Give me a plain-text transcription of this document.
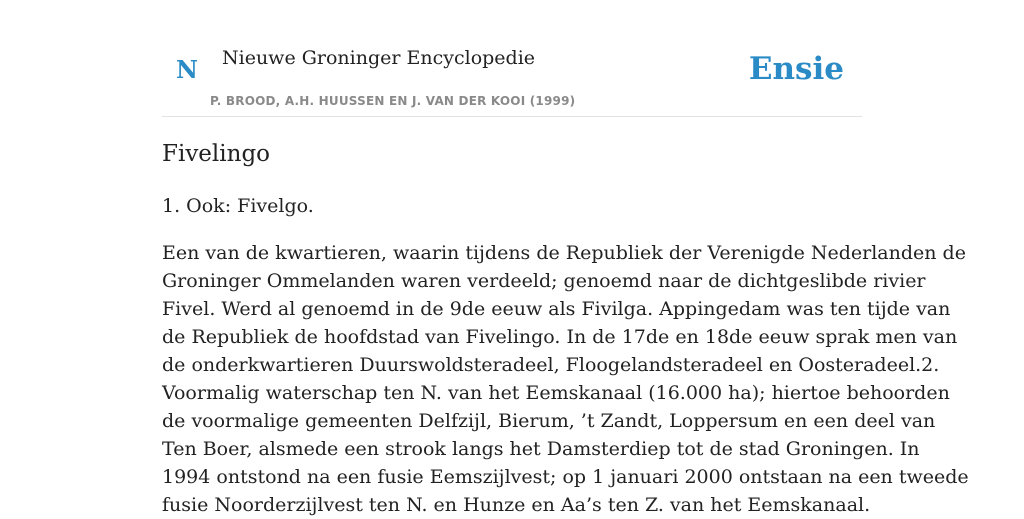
N Nieuwe Groninger Encyclopedie
P. BROOD, A.H. HUUSSEN EN J. VAN DER KOOI (1999)
Ensie
Fivelingo

1. Ook: Fivelgo.

Een van de kwartieren, waarin tijdens de Republiek der Verenigde Nederlanden de
Groninger Ommelanden waren verdeeld; genoemd naar de dichtgeslibde rivier
Fivel. Werd al genoemd in de 9de eeuw als Fivilga. Appingedam was ten tijde van
de Republiek de hoofdstad van Fivelingo. In de 17de en 18de eeuw sprak men van
de onderkwartieren Duurswoldsteradeel, Floogelandsteradeel en Oosteradeel.2.
Voormalig waterschap ten N. van het Eemskanaal (16.000 ha); hiertoe behoorden
de voormalige gemeenten Delfzijl, Bierum, ’t Zandt, Loppersum en een deel van
Ten Boer, alsmede een strook langs het Damsterdiep tot de stad Groningen. In
1994 ontstond na een fusie Eemszijlvest; op 1 januari 2000 ontstaan na een tweede
fusie Noorderzijlvest ten N. en Hunze en Aa’s ten Z. van het Eemskanaal.
